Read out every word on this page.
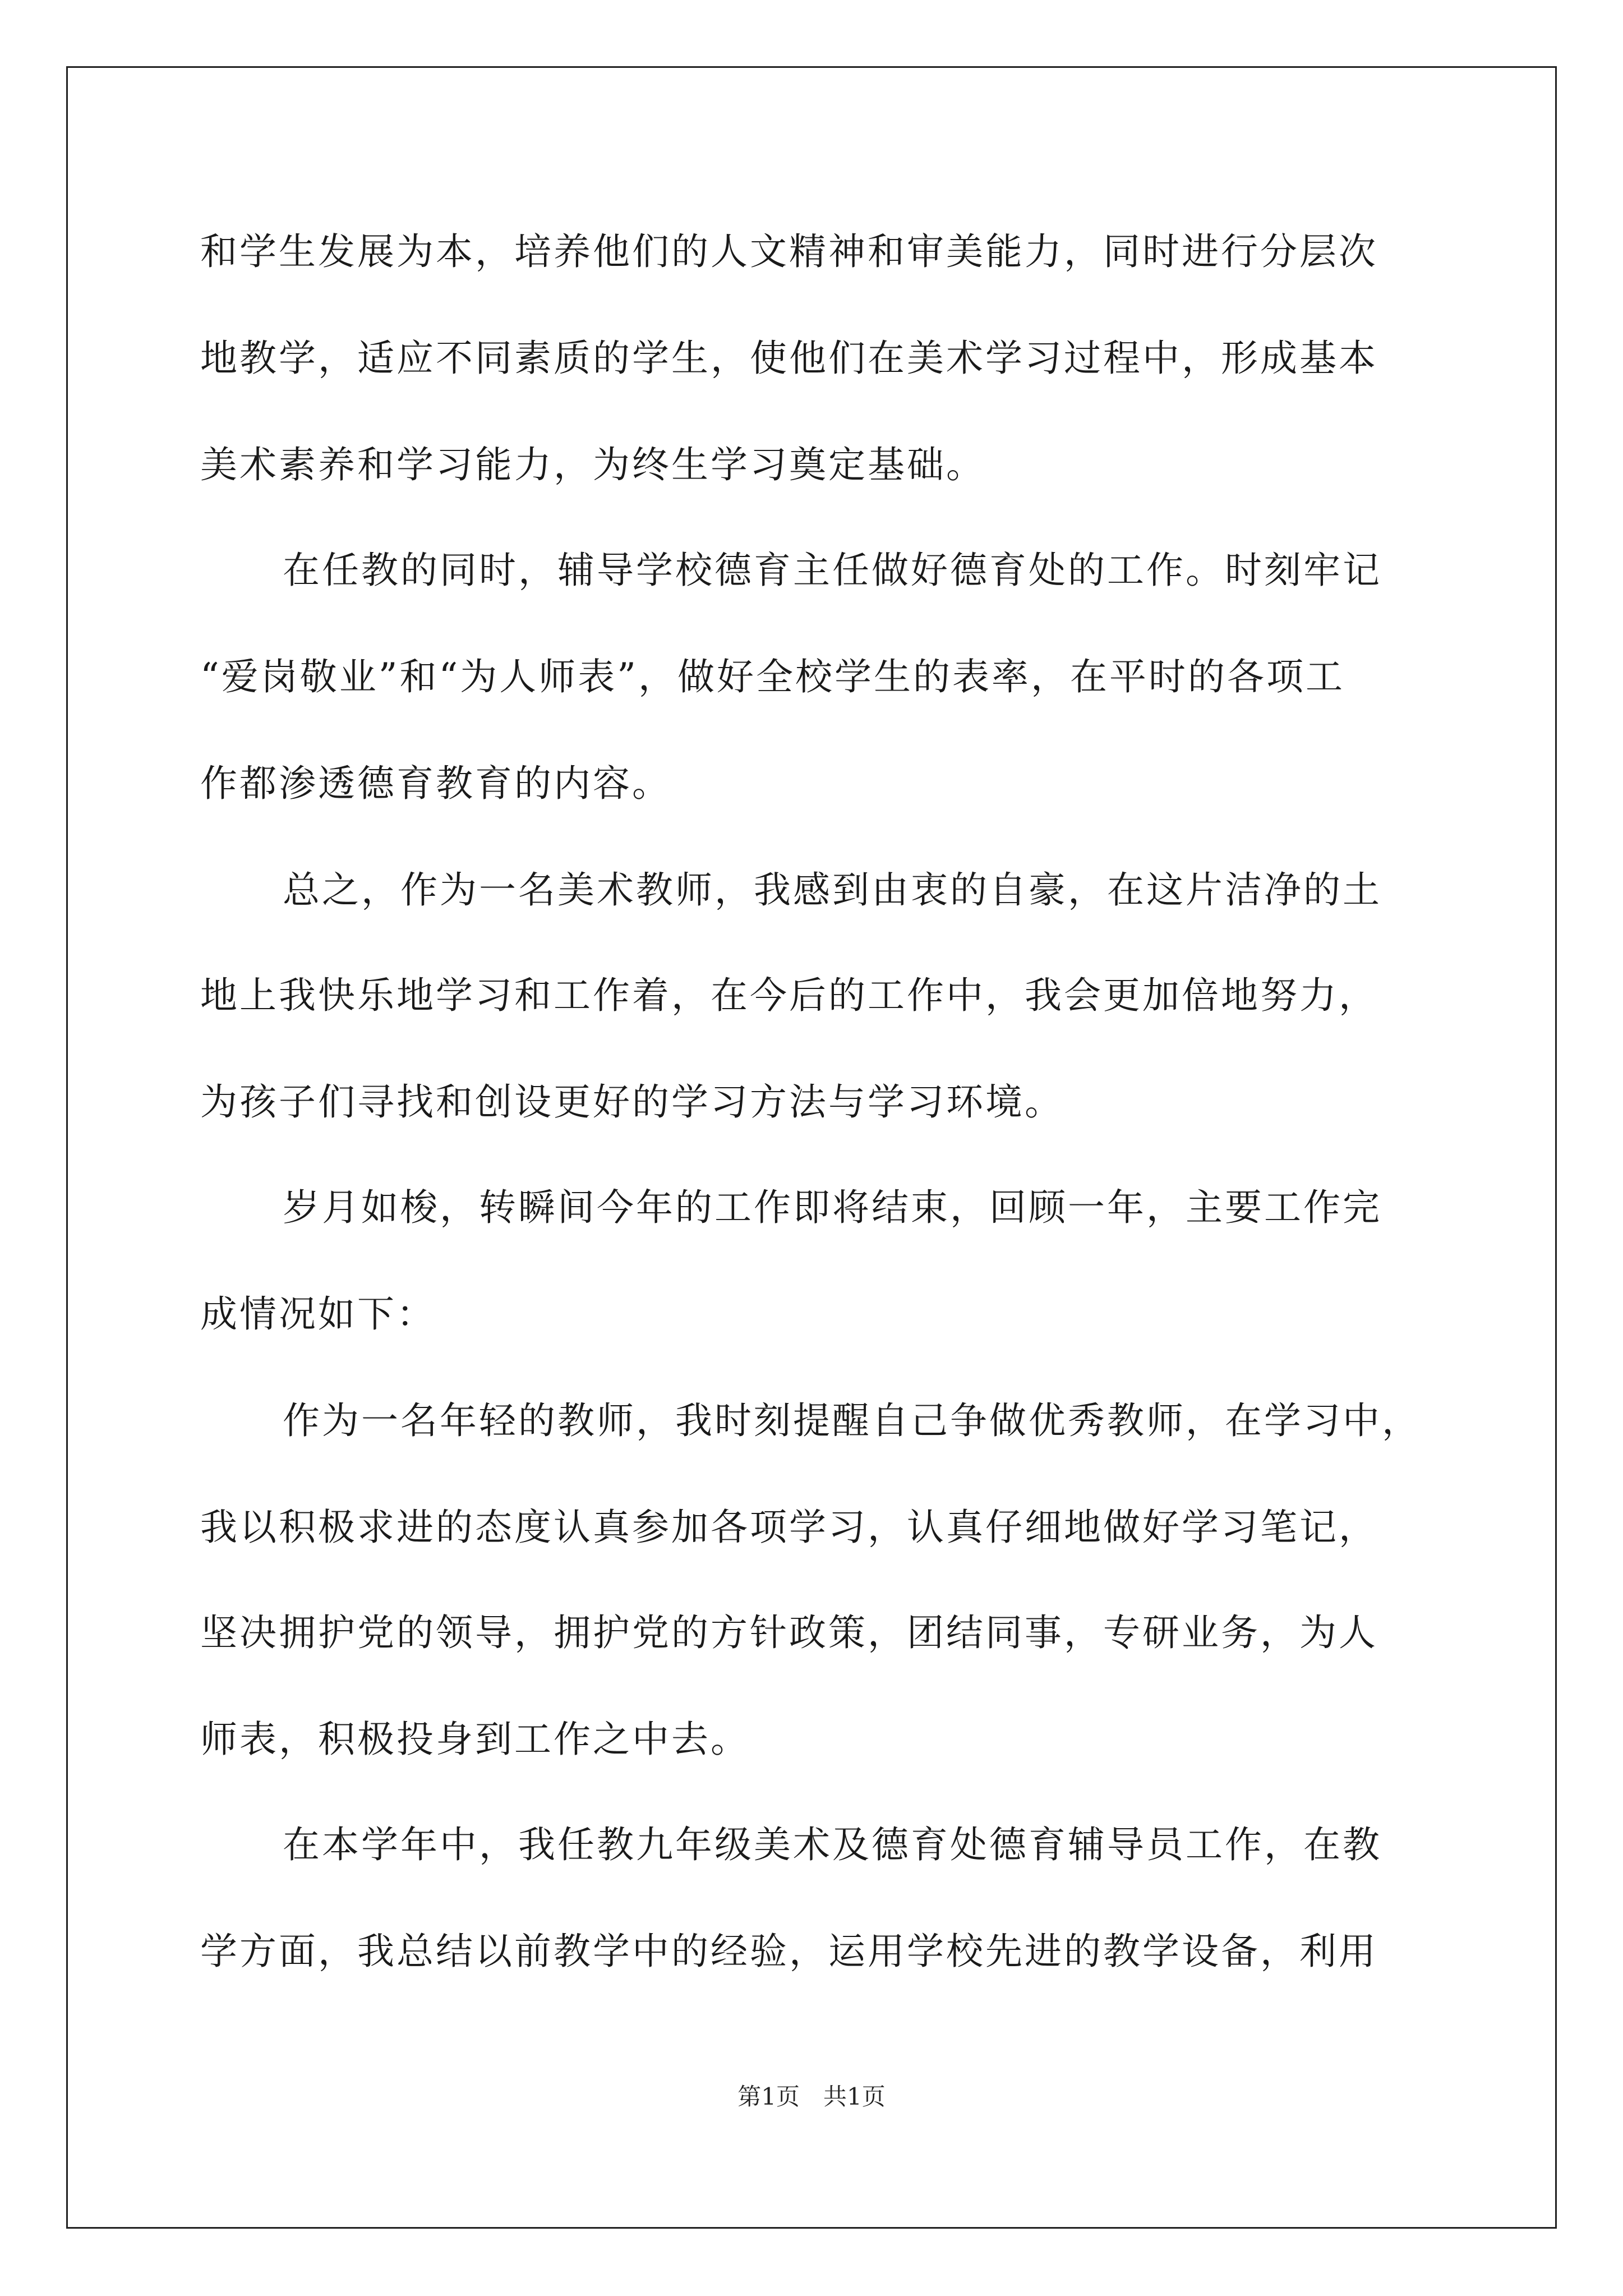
和学生发展为本，培养他们的人文精神和审美能力，同时进行分层次
地教学，适应不同素质的学生，使他们在美术学习过程中，形成基本
美术素养和学习能力，为终生学习奠定基础。
在任教的同时，辅导学校德育主任做好德育处的工作。时刻牢记
“爱岗敬业”和“为人师表”，做好全校学生的表率，在平时的各项工
作都渗透德育教育的内容。
总之，作为一名美术教师，我感到由衷的自豪，在这片洁净的土
地上我快乐地学习和工作着，在今后的工作中，我会更加倍地努力，
为孩子们寻找和创设更好的学习方法与学习环境。
岁月如梭，转瞬间今年的工作即将结束，回顾一年，主要工作完
成情况如下：
作为一名年轻的教师，我时刻提醒自己争做优秀教师，在学习中，
我以积极求进的态度认真参加各项学习，认真仔细地做好学习笔记，
坚决拥护党的领导，拥护党的方针政策，团结同事，专研业务，为人
师表，积极投身到工作之中去。
在本学年中，我任教九年级美术及德育处德育辅导员工作，在教
学方面，我总结以前教学中的经验，运用学校先进的教学设备，利用
第1页　共1页
